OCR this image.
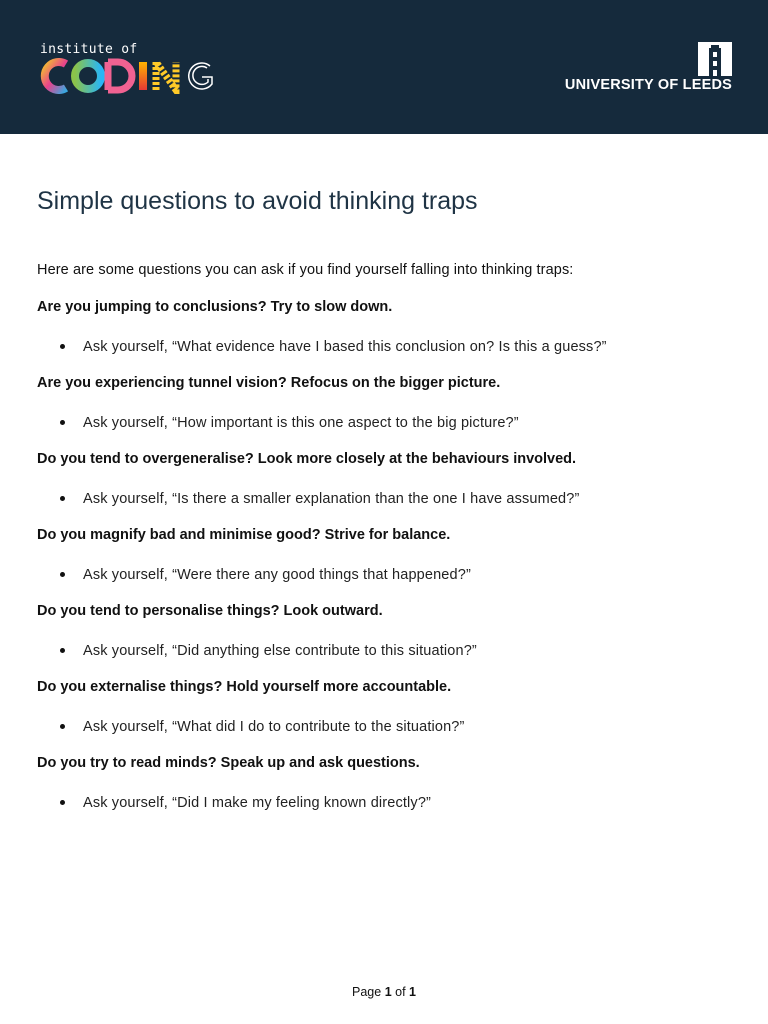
institute of
UNIVERSITY OF LEEDS
Simple questions to avoid thinking traps

Here are some questions you can ask if you find yourself falling into thinking traps:

Are you jumping to conclusions? Try to slow down.

Ask yourself, “What evidence have I based this conclusion on? Is this a guess?”

Are you experiencing tunnel vision? Refocus on the bigger picture.

Ask yourself, “How important is this one aspect to the big picture?”

Do you tend to overgeneralise? Look more closely at the behaviours involved.

Ask yourself, “Is there a smaller explanation than the one I have assumed?”

Do you magnify bad and minimise good? Strive for balance.

Ask yourself, “Were there any good things that happened?”

Do you tend to personalise things? Look outward.

Ask yourself, “Did anything else contribute to this situation?”

Do you externalise things? Hold yourself more accountable.

Ask yourself, “What did I do to contribute to the situation?”

Do you try to read minds? Speak up and ask questions.

Ask yourself, “Did I make my feeling known directly?”

Page 1 of 1
